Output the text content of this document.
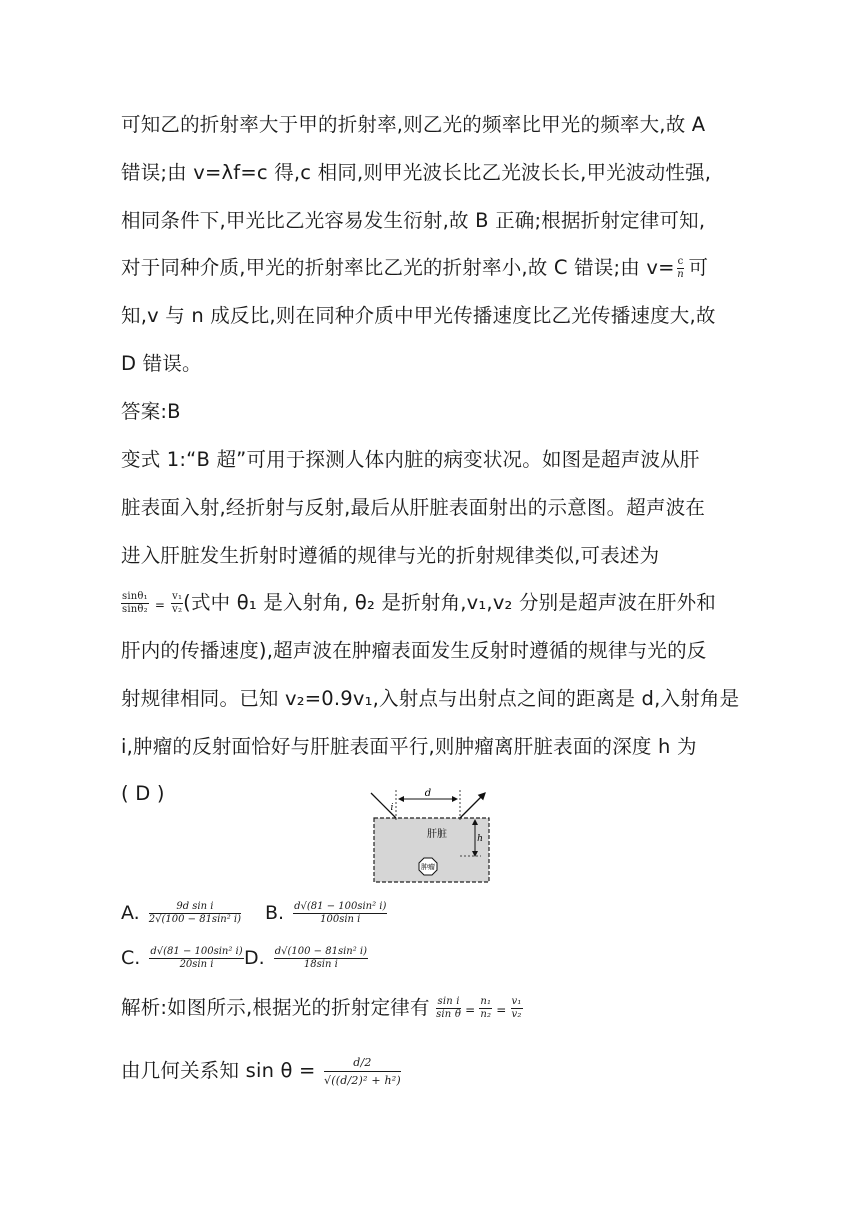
可知乙的折射率大于甲的折射率,则乙光的频率比甲光的频率大,故 A
错误;由 v=λf=c 得,c 相同,则甲光波长比乙光波长长,甲光波动性强,
相同条件下,甲光比乙光容易发生衍射,故 B 正确;根据折射定律可知,
对于同种介质,甲光的折射率比乙光的折射率小,故 C 错误;由 $v= \frac{c}{n}$ 可
知,v 与 n 成反比,则在同种介质中甲光传播速度比乙光传播速度大,故
D 错误。
答案:B
变式 1:“B 超”可用于探测人体内脏的病变状况。如图是超声波从肝
脏表面入射,经折射与反射,最后从肝脏表面射出的示意图。超声波在
进入肝脏发生折射时遵循的规律与光的折射规律类似,可表述为
$\frac{\text{sinθ₁}}{\text{sinθ₂}} = \frac{\text{v₁}}{\text{v₂}}$ (式中 θ₁ 是入射角, θ₂ 是折射角,v₁,v₂ 分别是超声波在肝外和
肝内的传播速度),超声波在肿瘤表面发生反射时遵循的规律与光的反
射规律相同。已知 v₂=0.9v₁,入射点与出射点之间的距离是 d,入射角是
i,肿瘤的反射面恰好与肝脏表面平行,则肿瘤离肝脏表面的深度 h 为
( D )	d
i
h
肝脏
肿瘤
A. $\frac{\text{9d sin i}}{\text{2√(100 − 81sin² i)}} B$. $\frac{\text{d√(81 − 100sin² i)}}{\text{100sin i}}$
C. $\frac{\text{d√(81 − 100sin² i)}}{\text{20sin i}} D$. $\frac{\text{d√(100 − 81sin² i)}}{\text{18sin i}}$
解析:如图所示,根据光的折射定律有 $\frac{\text{sin i}}{\text{sin θ}} = \frac{\text{n₁}}{\text{n₂}} = \frac{\text{v₁}}{\text{v₂}}$
由几何关系知 $\sin \theta = \frac{d/2}{\text{√((d/2)² + h²)}}$
